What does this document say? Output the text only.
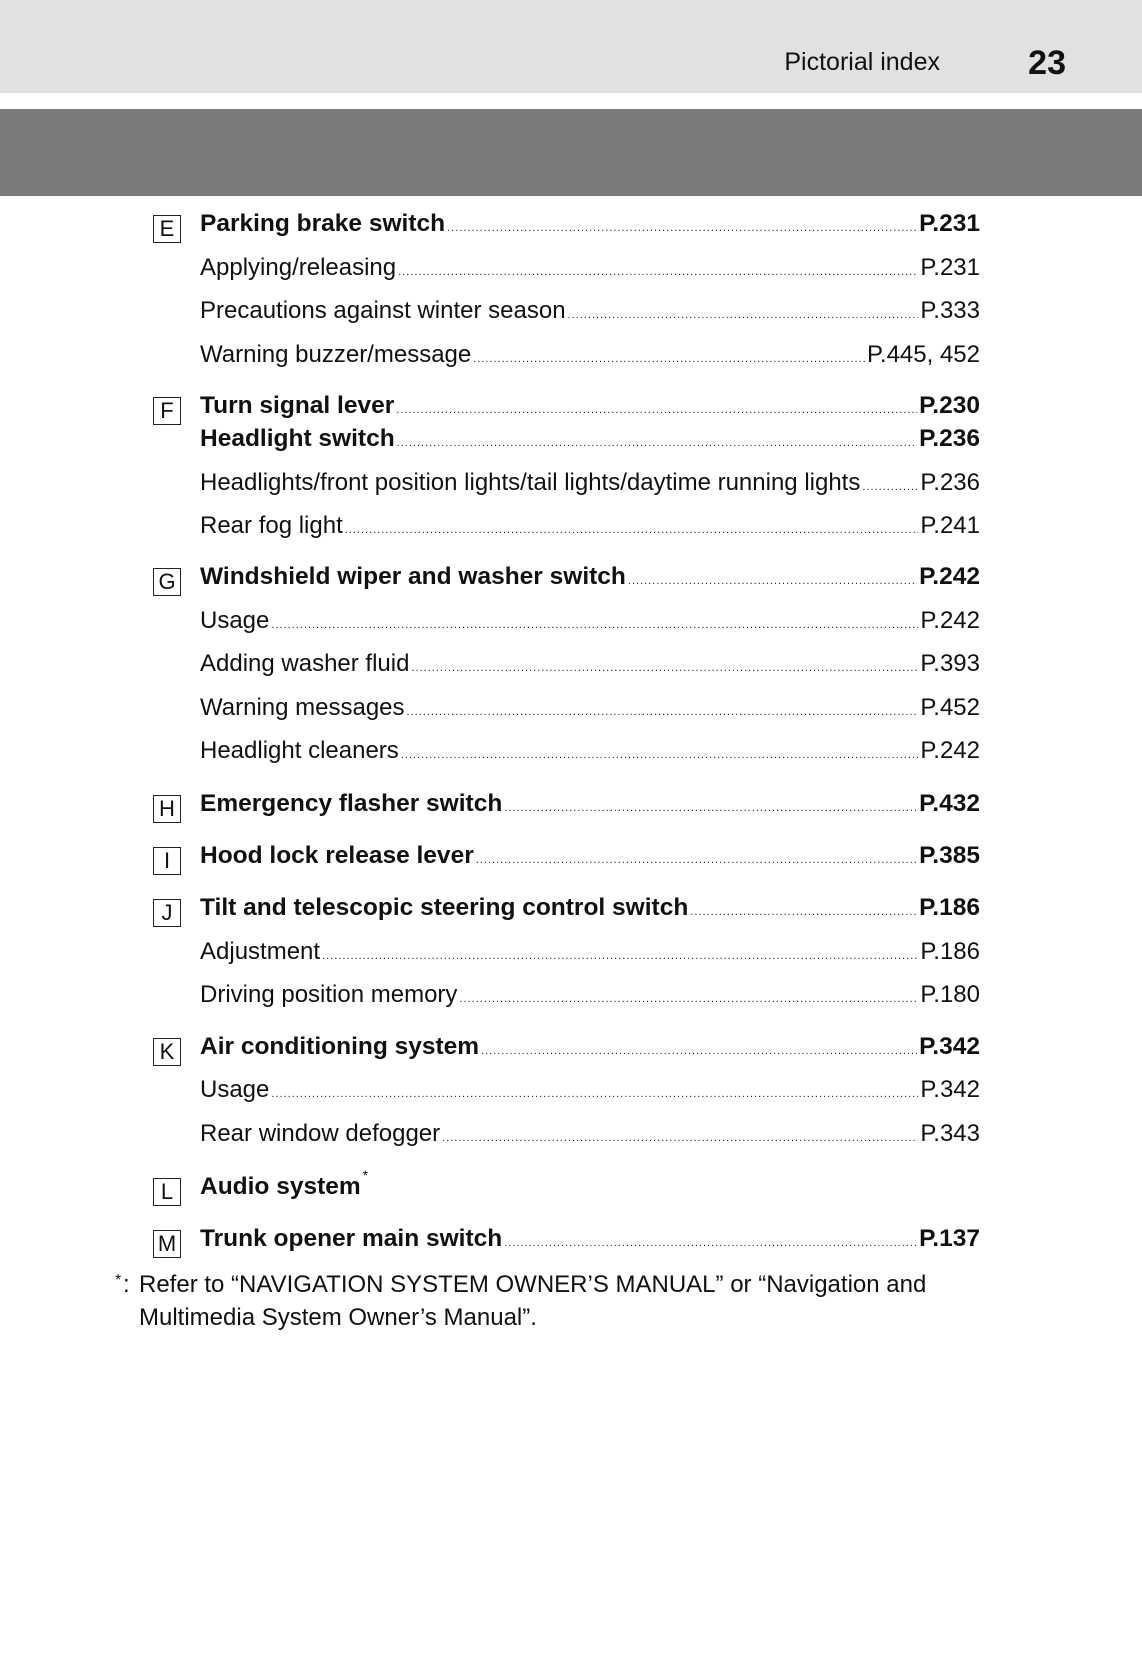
Pictorial index	23
E Parking brake switch .....	P.231
Applying/releasing .....	P.231
Precautions against winter season .....	P.333
Warning buzzer/message .....	P.445, 452
F Turn signal lever .....	P.230
Headlight switch .....	P.236
Headlights/front position lights/tail lights/daytime running lights .....	P.236
Rear fog light .....	P.241
G Windshield wiper and washer switch .....	P.242
Usage .....	P.242
Adding washer fluid .....	P.393
Warning messages .....	P.452
Headlight cleaners .....	P.242
H Emergency flasher switch .....	P.432
I	Hood lock release lever .....	P.385
J	Tilt and telescopic steering control switch .....	P.186
Adjustment .....	P.186
Driving position memory .....	P.180
K Air conditioning system .....	P.342
Usage .....	P.342
Rear window defogger .....	P.343
L	Audio system *
M Trunk opener main switch .....	P.137
* : Refer to “NAVIGATION SYSTEM OWNER’S MANUAL” or “Navigation and Multimedia System Owner’s Manual”.
